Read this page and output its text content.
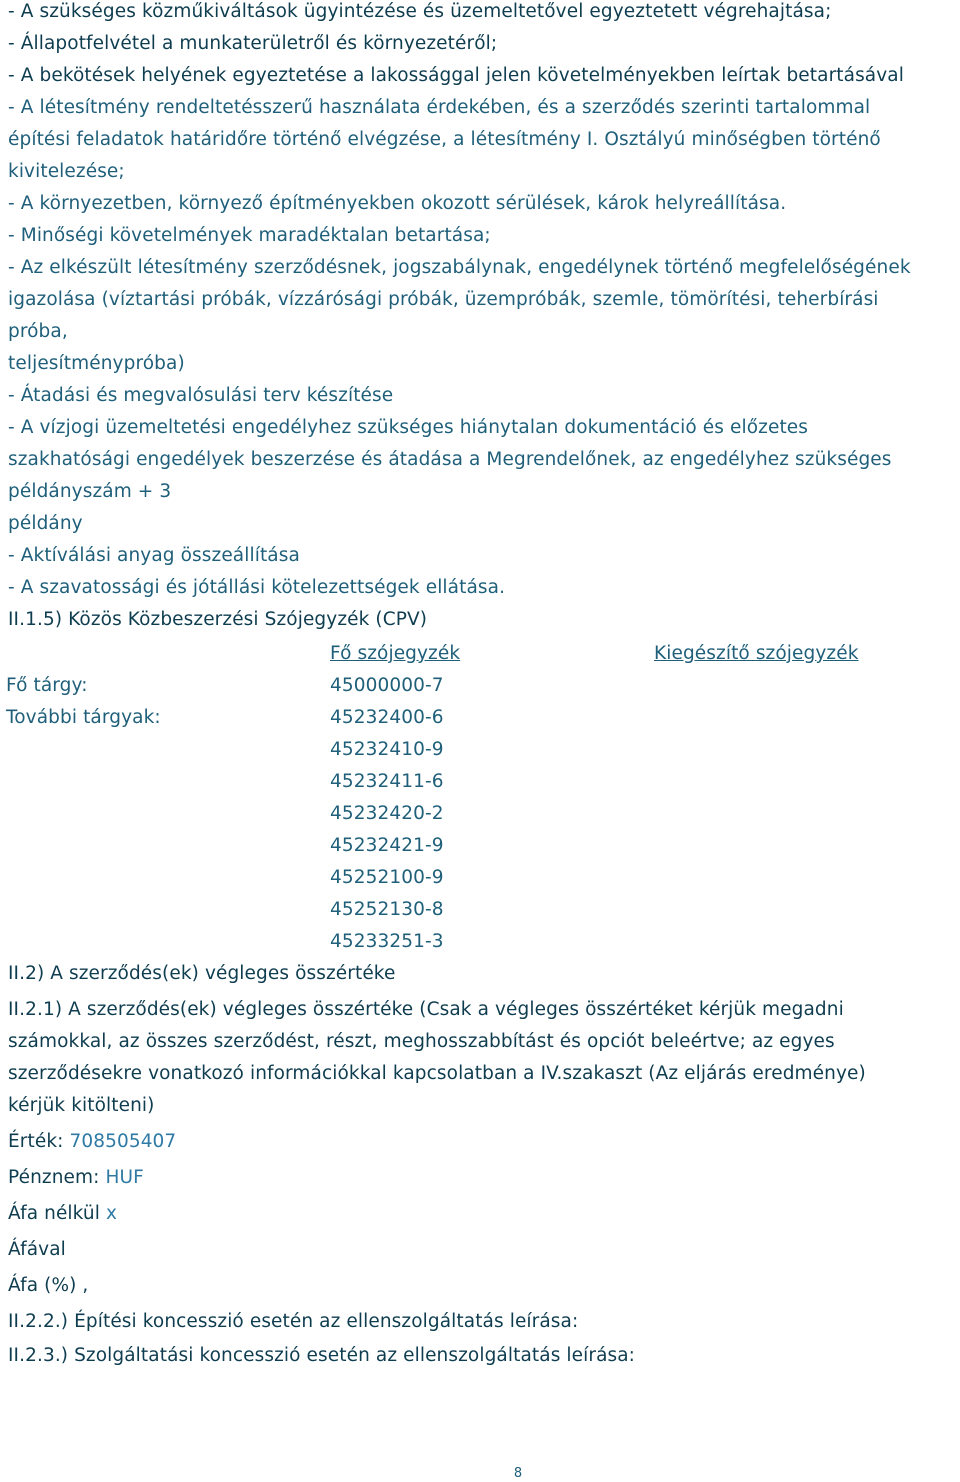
- A szükséges közműkiváltások ügyintézése és üzemeltetővel egyeztetett végrehajtása;
- Állapotfelvétel a munkaterületről és környezetéről;
- A bekötések helyének egyeztetése a lakossággal jelen követelményekben leírtak betartásával
- A létesítmény rendeltetésszerű használata érdekében, és a szerződés szerinti tartalommal
építési feladatok határidőre történő elvégzése, a létesítmény I. Osztályú minőségben történő
kivitelezése;
- A környezetben, környező építményekben okozott sérülések, károk helyreállítása.
- Minőségi követelmények maradéktalan betartása;
- Az elkészült létesítmény szerződésnek, jogszabálynak, engedélynek történő megfelelőségének
igazolása (víztartási próbák, vízzárósági próbák, üzempróbák, szemle, tömörítési, teherbírási
próba,
teljesítménypróba)
- Átadási és megvalósulási terv készítése
- A vízjogi üzemeltetési engedélyhez szükséges hiánytalan dokumentáció és előzetes
szakhatósági engedélyek beszerzése és átadása a Megrendelőnek, az engedélyhez szükséges
példányszám + 3
példány
- Aktíválási anyag összeállítása
- A szavatossági és jótállási kötelezettségek ellátása.
II.1.5) Közös Közbeszerzési Szójegyzék (CPV)
Fő szójegyzék	Kiegészítő szójegyzék
Fő tárgy:	45000000-7
További tárgyak:	45232400-6
45232410-9
45232411-6
45232420-2
45232421-9
45252100-9
45252130-8
45233251-3
II.2) A szerződés(ek) végleges összértéke
II.2.1) A szerződés(ek) végleges összértéke (Csak a végleges összértéket kérjük megadni
számokkal, az összes szerződést, részt, meghosszabbítást és opciót beleértve; az egyes
szerződésekre vonatkozó információkkal kapcsolatban a IV.szakaszt (Az eljárás eredménye)
kérjük kitölteni)
Érték: 708505407
Pénznem: HUF
Áfa nélkül x
Áfával
Áfa (%) ,
II.2.2.) Építési koncesszió esetén az ellenszolgáltatás leírása:
II.2.3.) Szolgáltatási koncesszió esetén az ellenszolgáltatás leírása:
8
